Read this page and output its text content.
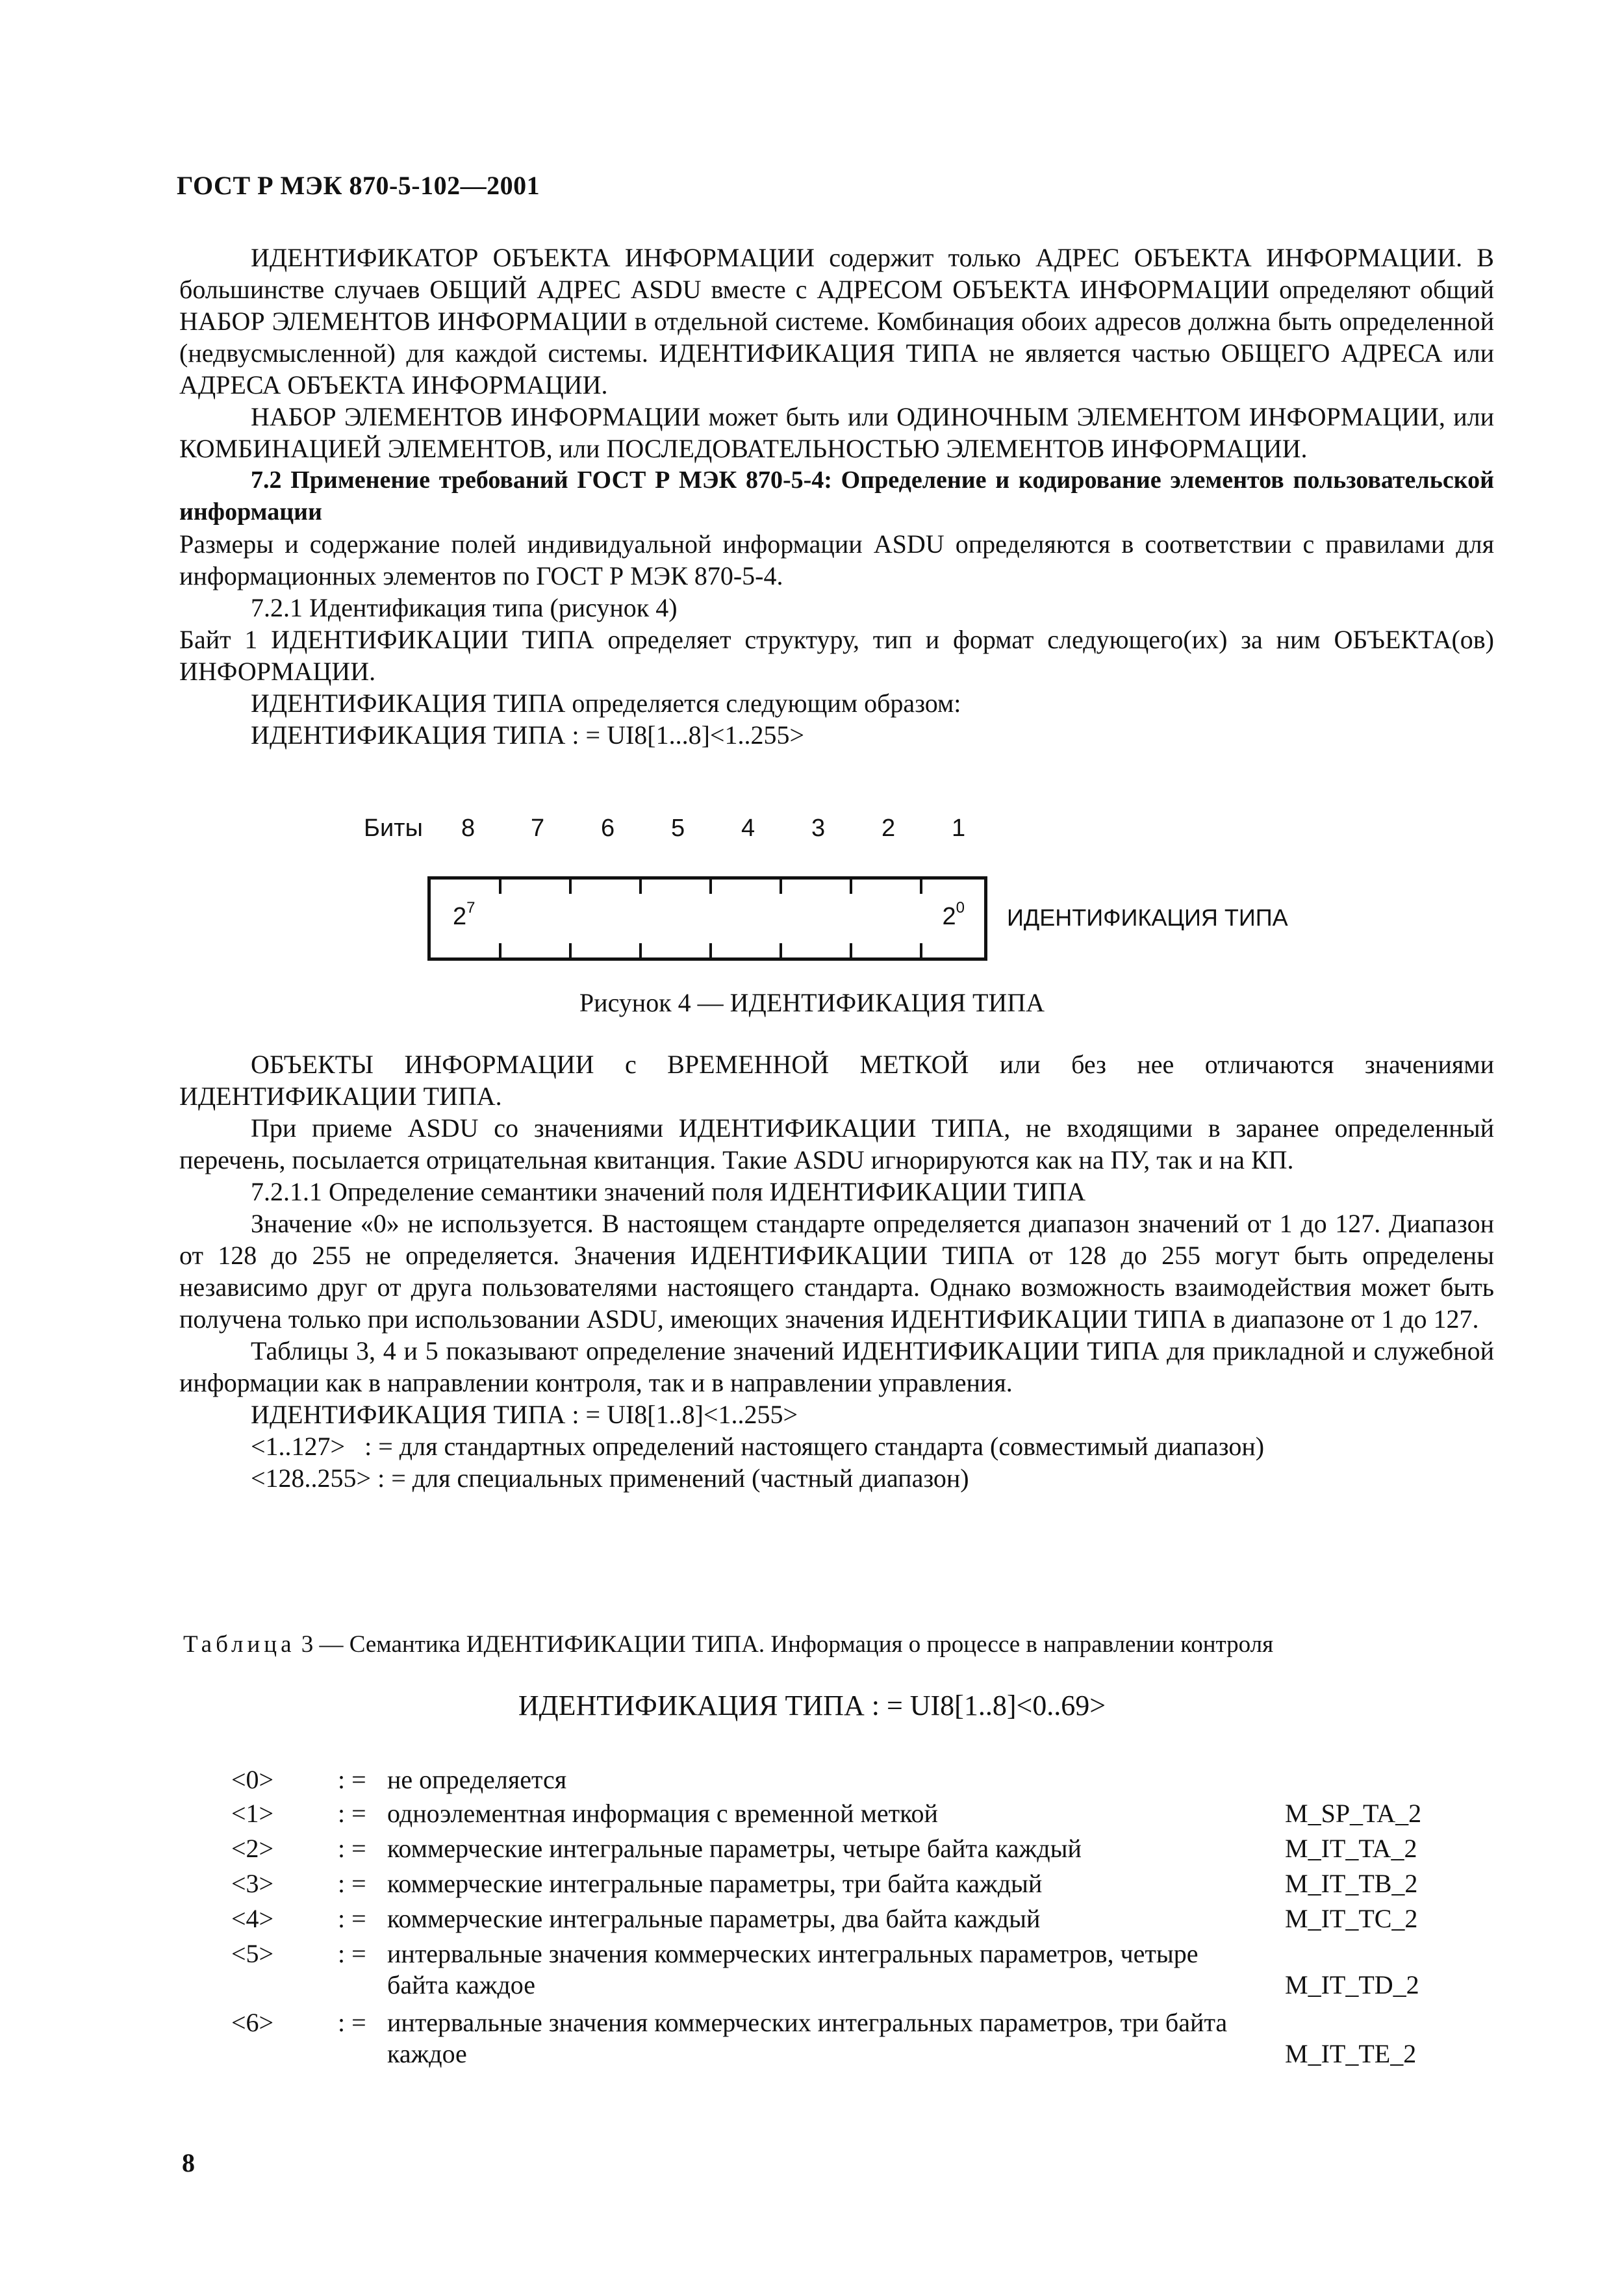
ГОСТ Р МЭК 870-5-102—2001

ИДЕНТИФИКАТОР ОБЪЕКТА ИНФОРМАЦИИ содержит только АДРЕС ОБЪЕКТА ИНФОРМАЦИИ. В большинстве случаев ОБЩИЙ АДРЕС ASDU вместе с АДРЕСОМ ОБЪЕКТА ИНФОРМАЦИИ определяют общий НАБОР ЭЛЕМЕНТОВ ИНФОРМАЦИИ в отдельной системе. Комбинация обоих адресов должна быть определенной (недвусмысленной) для каждой системы. ИДЕНТИФИКАЦИЯ ТИПА не является частью ОБЩЕГО АДРЕСА или АДРЕСА ОБЪЕКТА ИНФОРМАЦИИ.

НАБОР ЭЛЕМЕНТОВ ИНФОРМАЦИИ может быть или ОДИНОЧНЫМ ЭЛЕМЕНТОМ ИНФОРМАЦИИ, или КОМБИНАЦИЕЙ ЭЛЕМЕНТОВ, или ПОСЛЕДОВАТЕЛЬНОСТЬЮ ЭЛЕМЕНТОВ ИНФОРМАЦИИ.

7.2 Применение требований ГОСТ Р МЭК 870-5-4: Определение и кодирование элементов пользовательской информации

Размеры и содержание полей индивидуальной информации ASDU определяются в соответствии с правилами для информационных элементов по ГОСТ Р МЭК 870-5-4.

7.2.1 Идентификация типа (рисунок 4)

Байт 1 ИДЕНТИФИКАЦИИ ТИПА определяет структуру, тип и формат следующего(их) за ним ОБЪЕКТА(ов) ИНФОРМАЦИИ.

ИДЕНТИФИКАЦИЯ ТИПА определяется следующим образом:

ИДЕНТИФИКАЦИЯ ТИПА : = UI8[1...8]<1..255>

Биты 8 7 6 5 4 3 2 1
$2^7$	$2^0$ ИДЕНТИФИКАЦИЯ ТИПА
Рисунок 4 — ИДЕНТИФИКАЦИЯ ТИПА

ОБЪЕКТЫ ИНФОРМАЦИИ с ВРЕМЕННОЙ МЕТКОЙ или без нее отличаются значениями ИДЕНТИФИКАЦИИ ТИПА.

При приеме ASDU со значениями ИДЕНТИФИКАЦИИ ТИПА, не входящими в заранее определенный перечень, посылается отрицательная квитанция. Такие ASDU игнорируются как на ПУ, так и на КП.

7.2.1.1 Определение семантики значений поля ИДЕНТИФИКАЦИИ ТИПА

Значение «0» не используется. В настоящем стандарте определяется диапазон значений от 1 до 127. Диапазон от 128 до 255 не определяется. Значения ИДЕНТИФИКАЦИИ ТИПА от 128 до 255 могут быть определены независимо друг от друга пользователями настоящего стандарта. Однако возможность взаимодействия может быть получена только при использовании ASDU, имеющих значения ИДЕНТИФИКАЦИИ ТИПА в диапазоне от 1 до 127.

Таблицы 3, 4 и 5 показывают определение значений ИДЕНТИФИКАЦИИ ТИПА для прикладной и служебной информации как в направлении контроля, так и в направлении управления.

ИДЕНТИФИКАЦИЯ ТИПА : = UI8[1..8]<1..255>

<1..127>   : = для стандартных определений настоящего стандарта (совместимый диапазон)

<128..255> : = для специальных применений (частный диапазон)

Таблица 3 — Семантика ИДЕНТИФИКАЦИИ ТИПА. Информация о процессе в направлении контроля
ИДЕНТИФИКАЦИЯ ТИПА : = UI8[1..8]<0..69>
<0> : = не определяется
<1> : = одноэлементная информация с временной меткой	M_SP_TA_2
<2> : = коммерческие интегральные параметры, четыре байта каждый	M_IT_TA_2
<3> : = коммерческие интегральные параметры, три байта каждый	M_IT_TB_2
<4> : = коммерческие интегральные параметры, два байта каждый	M_IT_TC_2
<5> : = интервальные значения коммерческих интегральных параметров, четыре байта каждое	M_IT_TD_2
<6> : = интервальные значения коммерческих интегральных параметров, три байта каждое	M_IT_TE_2
8
